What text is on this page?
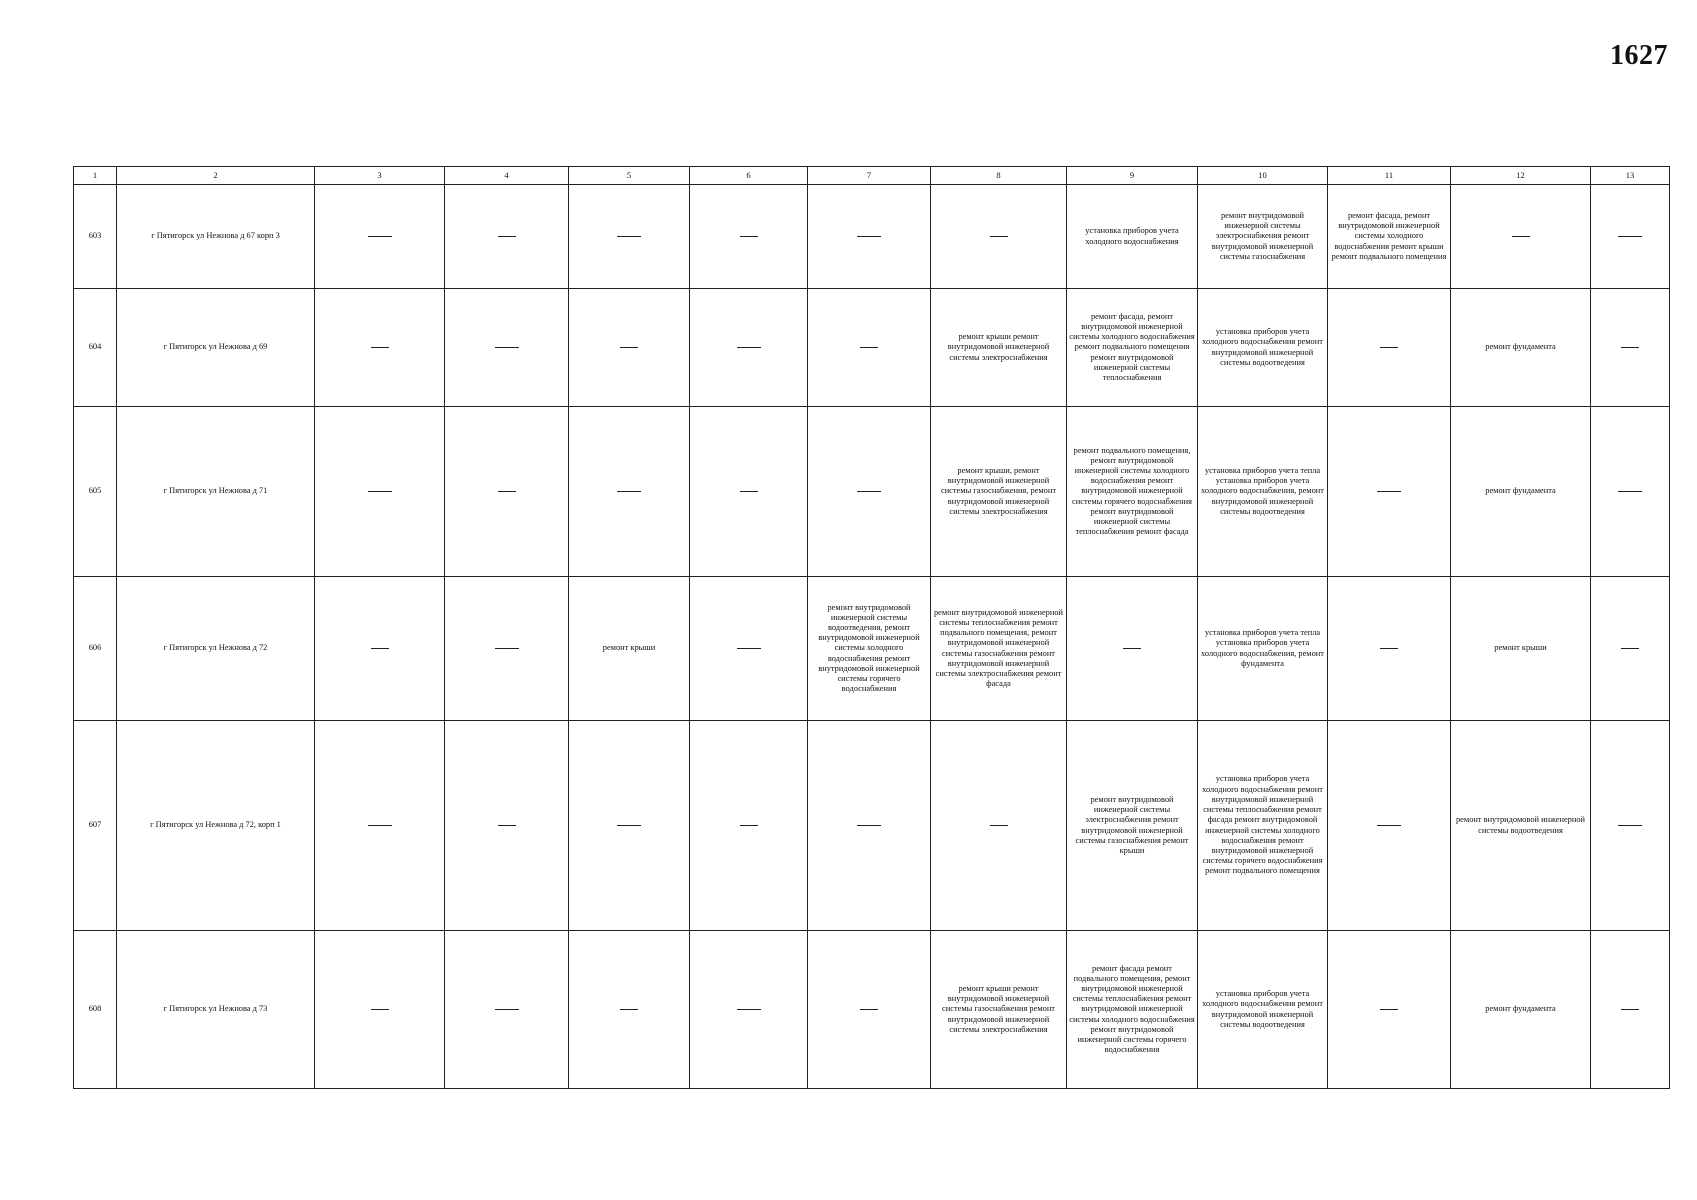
1627
1	2	3	4	5	6	7	8	9	10	11	12	13
603	г Пятигорск ул Нежнова д 67 корп 3							установка приборов учета холодного водоснабжения	ремонт внутридомовой инженерной системы электроснабжения ремонт внутридомовой инженерной системы газоснабжения	ремонт фасада, ремонт внутридомовой инженерной системы холодного водоснабжения ремонт крыши ремонт подвального помещения		

604	г Пятигорск ул Нежнова д 69						ремонт крыши ремонт внутридомовой инженерной системы электроснабжения	ремонт фасада, ремонт внутридомовой инженерной системы холодного водоснабжения ремонт подвального помещения ремонт внутридомовой инженерной системы теплоснабжения	установка приборов учета холодного водоснабжения ремонт внутридомовой инженерной системы водоотведения		ремонт фундамента	

605	г Пятигорск ул Нежнова д 71						ремонт крыши, ремонт внутридомовой инженерной системы газоснабжения, ремонт внутридомовой инженерной системы электроснабжения	ремонт подвального помещения, ремонт внутридомовой инженерной системы холодного водоснабжения ремонт внутридомовой инженерной системы горячего водоснабжения ремонт внутридомовой инженерной системы теплоснабжения ремонт фасада	установка приборов учета тепла установка приборов учета холодного водоснабжения, ремонт внутридомовой инженерной системы водоотведения		ремонт фундамента	

606	г Пятигорск ул Нежнова д 72			ремонт крыши		ремонт внутридомовой инженерной системы водоотведения, ремонт внутридомовой инженерной системы холодного водоснабжения ремонт внутридомовой инженерной системы горячего водоснабжения	ремонт внутридомовой инженерной системы теплоснабжения ремонт подвального помещения, ремонт внутридомовой инженерной системы газоснабжения ремонт внутридомовой инженерной системы электроснабжения ремонт фасада		установка приборов учета тепла установка приборов учета холодного водоснабжения, ремонт фундамента		ремонт крыши	

607	г Пятигорск ул Нежнова д 72, корп 1							ремонт внутридомовой инженерной системы электроснабжения ремонт внутридомовой инженерной системы газоснабжения ремонт крыши	установка приборов учета холодного водоснабжения ремонт внутридомовой инженерной системы теплоснабжения ремонт фасада ремонт внутридомовой инженерной системы холодного водоснабжения ремонт внутридомовой инженерной системы горячего водоснабжения ремонт подвального помещения		ремонт внутридомовой инженерной системы водоотведения	

608	г Пятигорск ул Нежнова д 73						ремонт крыши ремонт внутридомовой инженерной системы газоснабжения ремонт внутридомовой инженерной системы электроснабжения	ремонт фасада ремонт подвального помещения, ремонт внутридомовой инженерной системы теплоснабжения ремонт внутридомовой инженерной системы холодного водоснабжения ремонт внутридомовой инженерной системы горячего водоснабжения	установка приборов учета холодного водоснабжения ремонт внутридомовой инженерной системы водоотведения		ремонт фундамента	
